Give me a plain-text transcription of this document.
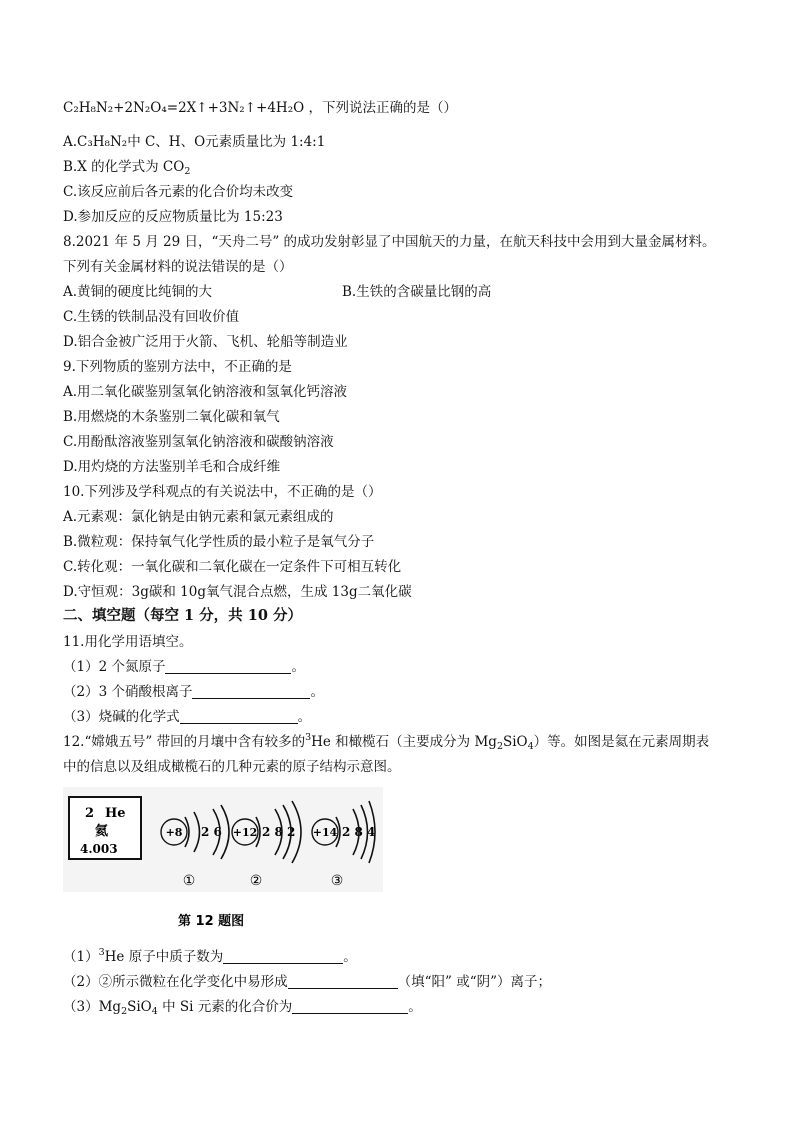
C₂H₈N₂+2N₂O₄=2X↑+3N₂↑+4H₂O ，下列说法正确的是（）
A.C₃H₈N₂中 C、H、O元素质量比为 1:4:1
B.X 的化学式为 $CO_2$
C.该反应前后各元素的化合价均未改变
D.参加反应的反应物质量比为 15:23
8.2021 年 5 月 29 日，“天舟二号” 的成功发射彰显了中国航天的力量，在航天科技中会用到大量金属材料。
下列有关金属材料的说法错误的是（）
A.黄铜的硬度比纯铜的大	B.生铁的含碳量比钢的高
C.生锈的铁制品没有回收价值
D.铝合金被广泛用于火箭、飞机、轮船等制造业
9.下列物质的鉴别方法中，不正确的是
A.用二氧化碳鉴别氢氧化钠溶液和氢氧化钙溶液
B.用燃烧的木条鉴别二氧化碳和氧气
C.用酚酞溶液鉴别氢氧化钠溶液和碳酸钠溶液
D.用灼烧的方法鉴别羊毛和合成纤维
10.下列涉及学科观点的有关说法中，不正确的是（）
A.元素观：氯化钠是由钠元素和氯元素组成的
B.微粒观：保持氧气化学性质的最小粒子是氧气分子
C.转化观：一氧化碳和二氧化碳在一定条件下可相互转化
D.守恒观：3g碳和 10g氧气混合点燃，生成 13g二氧化碳
二、填空题（每空 1 分，共 10 分）
11.用化学用语填空。
（1）2 个氮原子	。
（2）3 个硝酸根离子	。
（3）烧碱的化学式	。
12.“嫦娥五号” 带回的月壤中含有较多的$^3$He 和橄榄石（主要成分为 $Mg_2SiO_4$）等。如图是氦在元素周期表
中的信息以及组成橄榄石的几种元素的原子结构示意图。
2 He
氦
4.003
+8 2 6
①
+12 2 8 2
②
+14 2 8 4
③
第 12 题图
$(1)^3He$ 原子中质子数为	。
（2）②所示微粒在化学变化中易形成	（填“阳” 或“阴”）离子；
$(3)Mg_2SiO_4$ 中 Si 元素的化合价为	。
